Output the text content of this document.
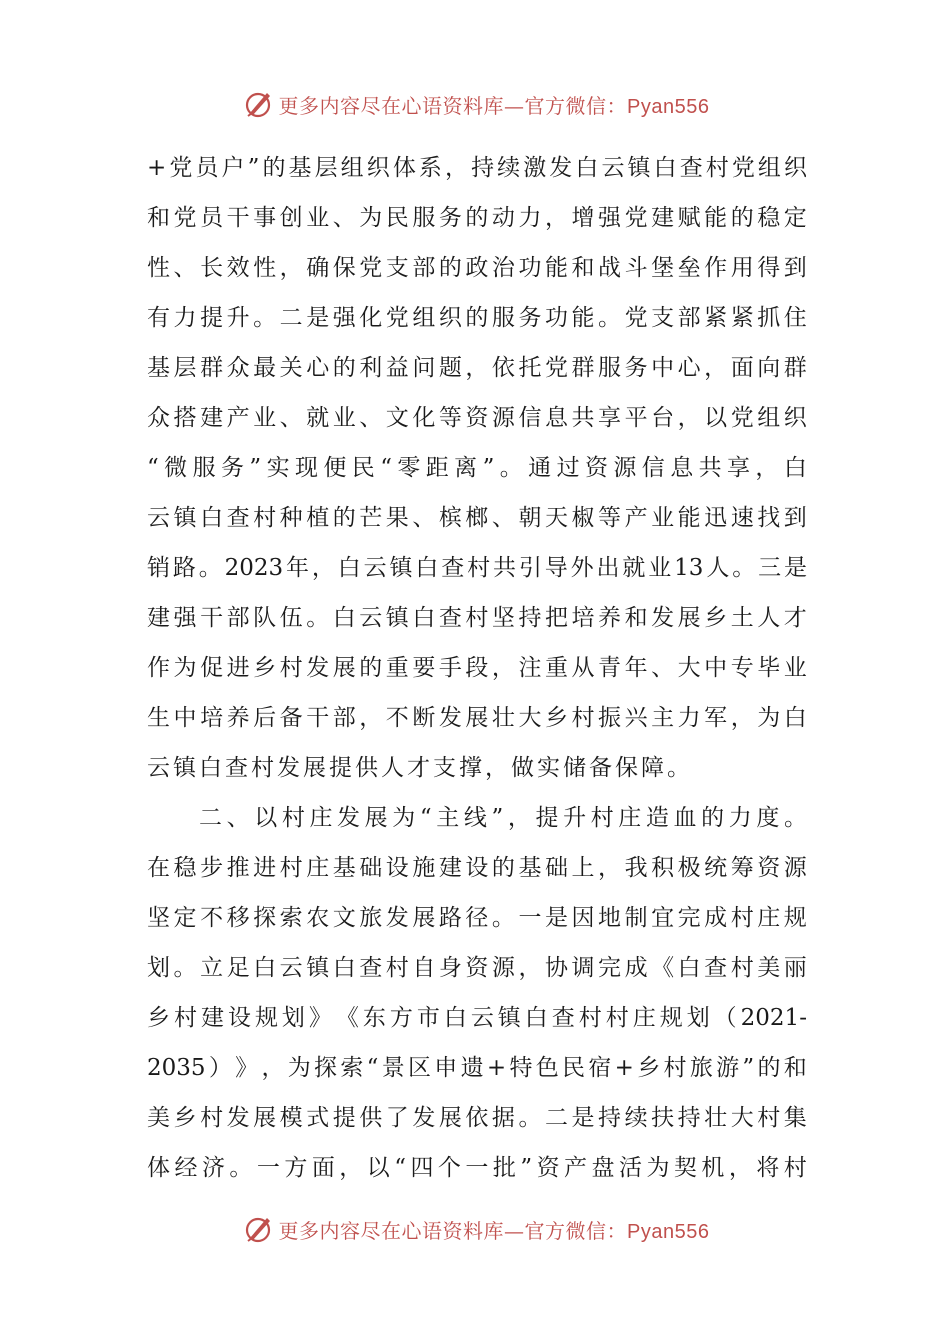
更多内容尽在心语资料库—官方微信：Pyan556
+ 党 员 户 ” 的 基 层 组 织 体 系 ， 持 续 激 发 白 云 镇 白 查 村 党 组 织
和 党 员 干 事 创 业 、 为 民 服 务 的 动 力 ， 增 强 党 建 赋 能 的 稳 定
性 、 长 效 性 ， 确 保 党 支 部 的 政 治 功 能 和 战 斗 堡 垒 作 用 得 到
有 力 提 升 。 二 是 强 化 党 组 织 的 服 务 功 能 。 党 支 部 紧 紧 抓 住
基 层 群 众 最 关 心 的 利 益 问 题 ， 依 托 党 群 服 务 中 心 ， 面 向 群
众 搭 建 产 业 、 就 业 、 文 化 等 资 源 信 息 共 享 平 台 ， 以 党 组 织
“ 微 服 务 ” 实 现 便 民 “ 零 距 离 ” 。 通 过 资 源 信 息 共 享 ， 白
云 镇 白 查 村 种 植 的 芒 果 、 槟 榔 、 朝 天 椒 等 产 业 能 迅 速 找 到
销 路 。 2023 年 ， 白 云 镇 白 查 村 共 引 导 外 出 就 业 13 人 。 三 是
建 强 干 部 队 伍 。 白 云 镇 白 查 村 坚 持 把 培 养 和 发 展 乡 土 人 才
作 为 促 进 乡 村 发 展 的 重 要 手 段 ， 注 重 从 青 年 、 大 中 专 毕 业
生 中 培 养 后 备 干 部 ， 不 断 发 展 壮 大 乡 村 振 兴 主 力 军 ， 为 白
云镇白查村发展提供人才支撑，做实储备保障。
二 、 以 村 庄 发 展 为 “ 主 线 ” ， 提 升 村 庄 造 血 的 力 度 。
在 稳 步 推 进 村 庄 基 础 设 施 建 设 的 基 础 上 ， 我 积 极 统 筹 资 源
坚 定 不 移 探 索 农 文 旅 发 展 路 径 。 一 是 因 地 制 宜 完 成 村 庄 规
划 。 立 足 白 云 镇 白 查 村 自 身 资 源 ， 协 调 完 成 《 白 查 村 美 丽
乡 村 建 设 规 划 》 《 东 方 市 白 云 镇 白 查 村 村 庄 规 划 （ 2021-
2035 ） 》 ， 为 探 索 “ 景 区 申 遗 + 特 色 民 宿 + 乡 村 旅 游 ” 的 和
美 乡 村 发 展 模 式 提 供 了 发 展 依 据 。 二 是 持 续 扶 持 壮 大 村 集
体 经 济 。 一 方 面 ， 以 “ 四 个 一 批 ” 资 产 盘 活 为 契 机 ， 将 村
更多内容尽在心语资料库—官方微信：Pyan556
